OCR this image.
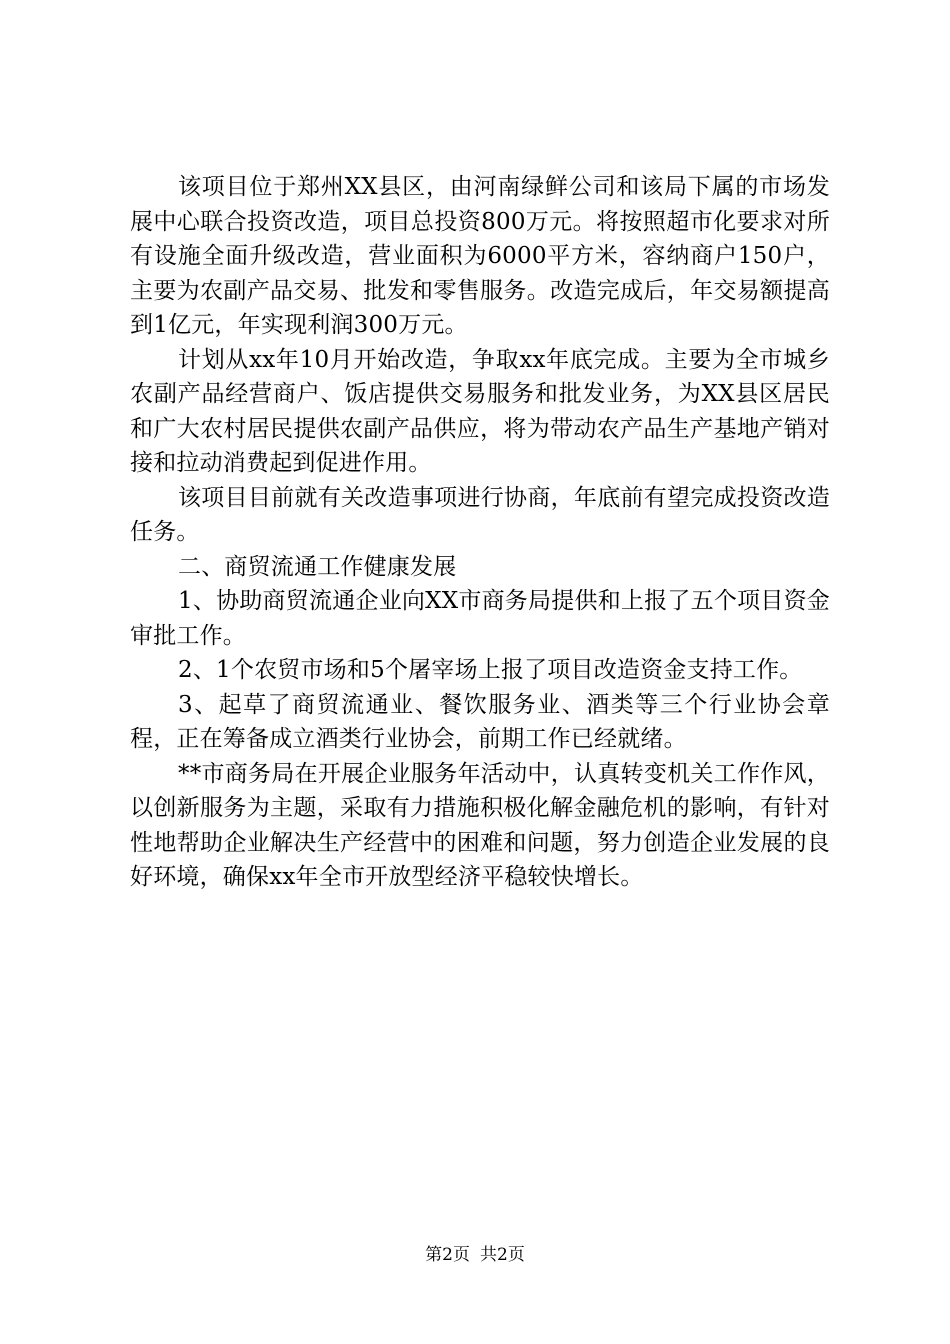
该项目位于郑州XX县区，由河南绿鲜公司和该局下属的市场发展中心联合投资改造，项目总投资800万元。将按照超市化要求对所有设施全面升级改造，营业面积为6000平方米，容纳商户150户，主要为农副产品交易、批发和零售服务。改造完成后，年交易额提高到1亿元，年实现利润300万元。

计划从xx年10月开始改造，争取xx年底完成。主要为全市城乡农副产品经营商户、饭店提供交易服务和批发业务，为XX县区居民和广大农村居民提供农副产品供应，将为带动农产品生产基地产销对接和拉动消费起到促进作用。

该项目目前就有关改造事项进行协商，年底前有望完成投资改造任务。

二、商贸流通工作健康发展

1、协助商贸流通企业向XX市商务局提供和上报了五个项目资金审批工作。

2、1个农贸市场和5个屠宰场上报了项目改造资金支持工作。

3、起草了商贸流通业、餐饮服务业、酒类等三个行业协会章程，正在筹备成立酒类行业协会，前期工作已经就绪。

**市商务局在开展企业服务年活动中，认真转变机关工作作风，以创新服务为主题，采取有力措施积极化解金融危机的影响，有针对性地帮助企业解决生产经营中的困难和问题，努力创造企业发展的良好环境，确保xx年全市开放型经济平稳较快增长。

第2页 共2页
